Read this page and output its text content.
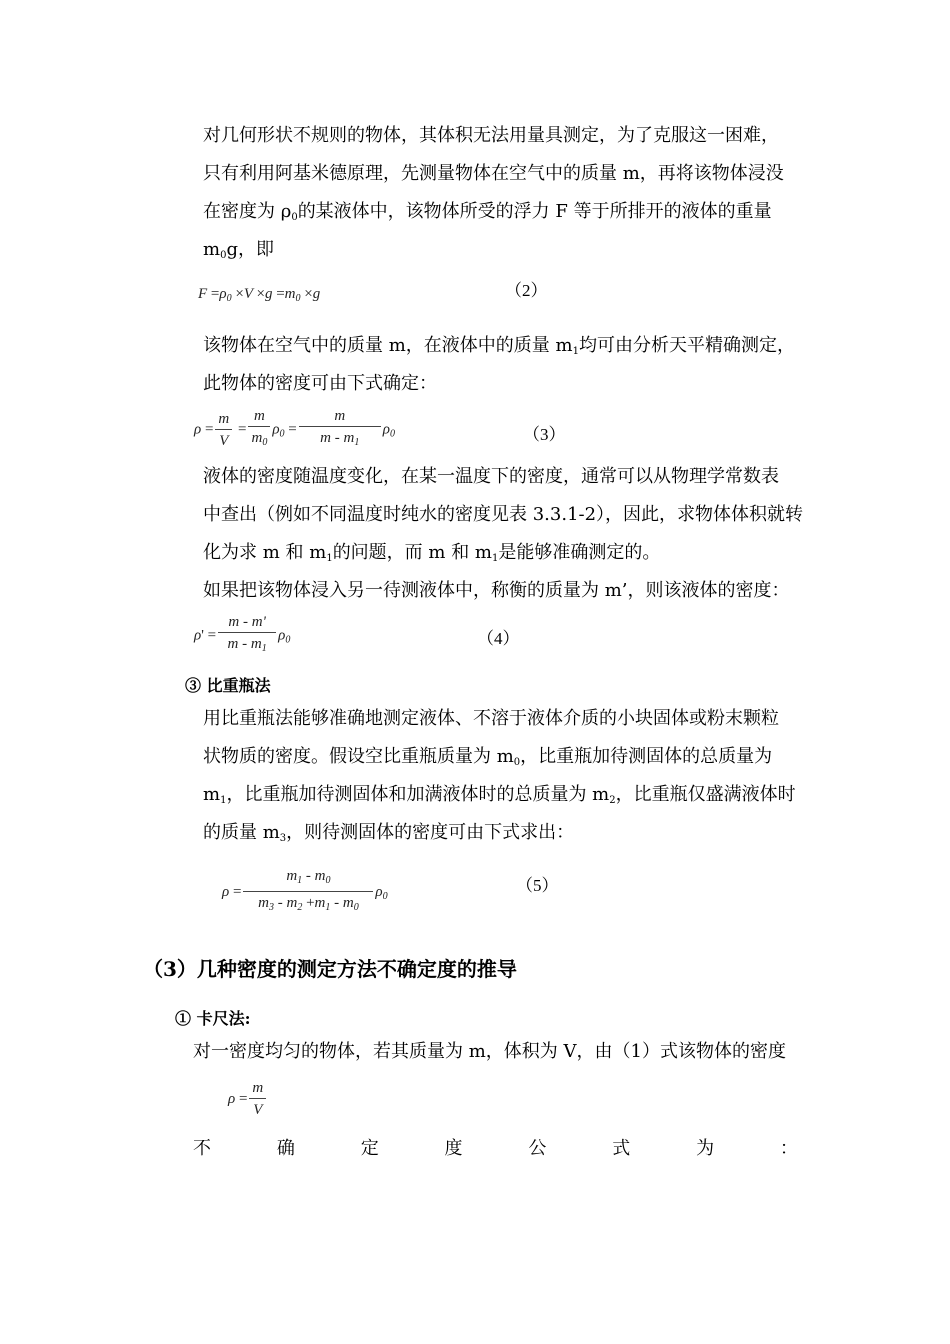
对几何形状不规则的物体，其体积无法用量具测定，为了克服这一困难，
只有利用阿基米德原理，先测量物体在空气中的质量 m，再将该物体浸没
在密度为 $\rho_0$的某液体中，该物体所受的浮力 F 等于所排开的液体的重量
$m_0g$，即
$F =\rho_0 \times V \times g =m_0 \times g$	（2）
该物体在空气中的质量 m，在液体中的质量 $m_1$均可由分析天平精确测定，
此物体的密度可由下式确定：
$\rho = \frac{m}{V} = \frac{m}{m_0} \rho_0 = \frac{m}{m - m_1} \rho_0$	（3）
液体的密度随温度变化，在某一温度下的密度，通常可以从物理学常数表
中查出（例如不同温度时纯水的密度见表 3.3.1-2），因此，求物体体积就转
化为求 m 和 $m_1$的问题，而 m 和 $m_1$是能够准确测定的。
如果把该物体浸入另一待测液体中，称衡的质量为 m’，则该液体的密度：
$\rho' = \frac{m - m'}{m - m_1} \rho_0$	（4）
③ 比重瓶法
用比重瓶法能够准确地测定液体、不溶于液体介质的小块固体或粉末颗粒
状物质的密度。假设空比重瓶质量为 $m_0$，比重瓶加待测固体的总质量为
$m_1$，比重瓶加待测固体和加满液体时的总质量为 $m_2$，比重瓶仅盛满液体时
的质量 $m_3$，则待测固体的密度可由下式求出：
$\rho = \frac{m_1 - m_0}{m_3 - m_2 +m_1 - m_0} \rho_0$
（5）
（3）几种密度的测定方法不确定度的推导
① 卡尺法:
对一密度均匀的物体，若其质量为 m，体积为 V，由（1）式该物体的密度
$\rho = \frac{m}{V}$
不	确	定	度	公	式	为	：
